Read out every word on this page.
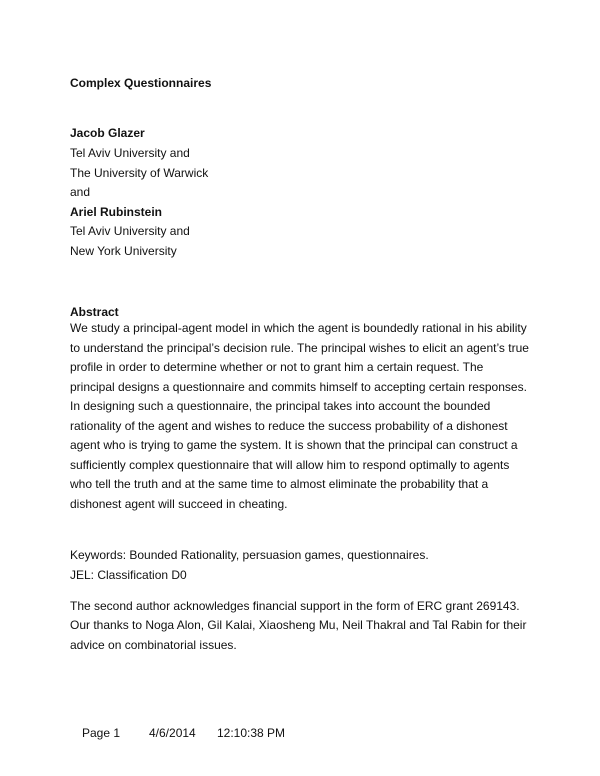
Complex Questionnaires
Jacob Glazer
Tel Aviv University and
The University of Warwick
and
Ariel Rubinstein
Tel Aviv University and
New York University
Abstract
We study a principal-agent model in which the agent is boundedly rational in his ability
to understand the principal’s decision rule. The principal wishes to elicit an agent’s true
profile in order to determine whether or not to grant him a certain request. The
principal designs a questionnaire and commits himself to accepting certain responses.
In designing such a questionnaire, the principal takes into account the bounded
rationality of the agent and wishes to reduce the success probability of a dishonest
agent who is trying to game the system. It is shown that the principal can construct a
sufficiently complex questionnaire that will allow him to respond optimally to agents
who tell the truth and at the same time to almost eliminate the probability that a
dishonest agent will succeed in cheating.
Keywords: Bounded Rationality, persuasion games, questionnaires.
JEL: Classification D0
The second author acknowledges financial support in the form of ERC grant 269143.
Our thanks to Noga Alon, Gil Kalai, Xiaosheng Mu, Neil Thakral and Tal Rabin for their
advice on combinatorial issues.
Page 1 4/6/2014 12:10:38 PM
